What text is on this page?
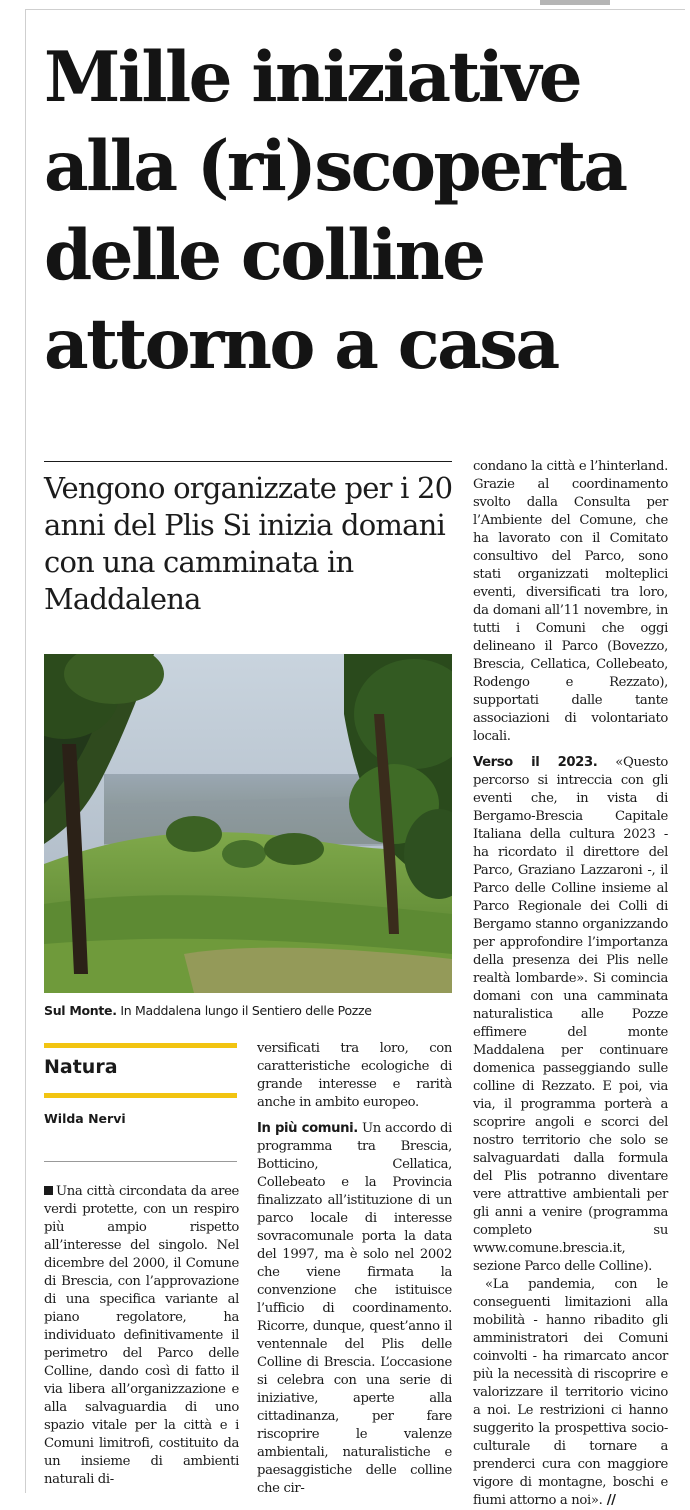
Mille iniziative alla (ri)scoperta delle colline attorno a casa
Vengono organizzate per i 20 anni del Plis Si inizia domani con una camminata in Maddalena
Sul Monte. In Maddalena lungo il Sentiero delle Pozze
Natura
Wilda Nervi

Una città circondata da aree verdi protette, con un respiro più ampio rispetto all’interesse del singolo. Nel dicembre del 2000, il Comune di Brescia, con l’approvazione di una specifica variante al piano regolatore, ha individuato definitivamente il perimetro del Parco delle Colline, dando così di fatto il via libera all’organizzazione e alla salvaguardia di uno spazio vitale per la città e i Comuni limitrofi, costituito da un insieme di ambienti naturali di-

versificati tra loro, con caratteristiche ecologiche di grande interesse e rarità anche in ambito europeo.

In più comuni. Un accordo di programma tra Brescia, Botticino, Cellatica, Collebeato e la Provincia finalizzato all’istituzione di un parco locale di interesse sovracomunale porta la data del 1997, ma è solo nel 2002 che viene firmata la convenzione che istituisce l’ufficio di coordinamento. Ricorre, dunque, quest’anno il ventennale del Plis delle Colline di Brescia. L’occasione si celebra con una serie di iniziative, aperte alla cittadinanza, per fare riscoprire le valenze ambientali, naturalistiche e paesaggistiche delle colline che cir-

condano la città e l’hinterland. Grazie al coordinamento svolto dalla Consulta per l’Ambiente del Comune, che ha lavorato con il Comitato consultivo del Parco, sono stati organizzati molteplici eventi, diversificati tra loro, da domani all’11 novembre, in tutti i Comuni che oggi delineano il Parco (Bovezzo, Brescia, Cellatica, Collebeato, Rodengo e Rezzato), supportati dalle tante associazioni di volontariato locali.

Verso il 2023. «Questo percorso si intreccia con gli eventi che, in vista di Bergamo-Brescia Capitale Italiana della cultura 2023 - ha ricordato il direttore del Parco, Graziano Lazzaroni -, il Parco delle Colline insieme al Parco Regionale dei Colli di Bergamo stanno organizzando per approfondire l’importanza della presenza dei Plis nelle realtà lombarde». Si comincia domani con una camminata naturalistica alle Pozze effimere del monte Maddalena per continuare domenica passeggiando sulle colline di Rezzato. E poi, via via, il programma porterà a scoprire angoli e scorci del nostro territorio che solo se salvaguardati dalla formula del Plis potranno diventare vere attrattive ambientali per gli anni a venire (programma completo su www.comune.brescia.it, sezione Parco delle Colline).

«La pandemia, con le conseguenti limitazioni alla mobilità - hanno ribadito gli amministratori dei Comuni coinvolti - ha rimarcato ancor più la necessità di riscoprire e valorizzare il territorio vicino a noi. Le restrizioni ci hanno suggerito la prospettiva socio-culturale di tornare a prenderci cura con maggiore vigore di montagne, boschi e fiumi attorno a noi». //
